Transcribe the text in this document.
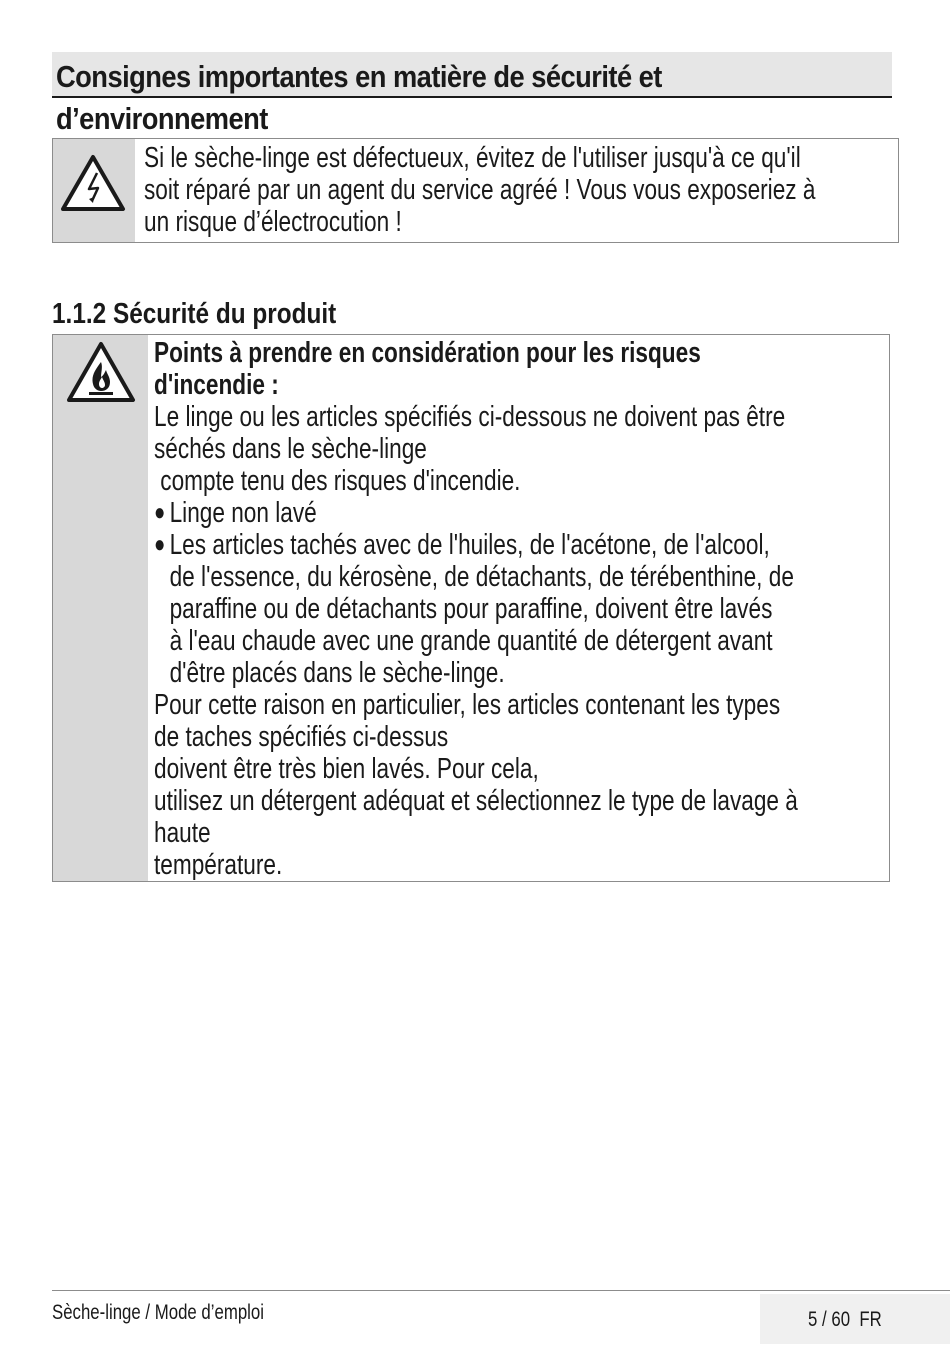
Consignes importantes en matière de sécurité et
d’environnement
Si le sèche-linge est défectueux, évitez de l'utiliser jusqu'à ce qu'il
soit réparé par un agent du service agréé ! Vous vous exposeriez à
un risque d’électrocution !
1.1.2 Sécurité du produit
Points à prendre en considération pour les risques
d'incendie :
Le linge ou les articles spécifiés ci-dessous ne doivent pas être
séchés dans le sèche-linge
compte tenu des risques d'incendie.
● Linge non lavé
● Les articles tachés avec de l'huiles, de l'acétone, de l'alcool,
de l'essence, du kérosène, de détachants, de térébenthine, de
paraffine ou de détachants pour paraffine, doivent être lavés
à l'eau chaude avec une grande quantité de détergent avant
d'être placés dans le sèche-linge.
Pour cette raison en particulier, les articles contenant les types
de taches spécifiés ci-dessus
doivent être très bien lavés. Pour cela,
utilisez un détergent adéquat et sélectionnez le type de lavage à
haute
température.
Sèche-linge / Mode d’emploi	5 / 60  FR
